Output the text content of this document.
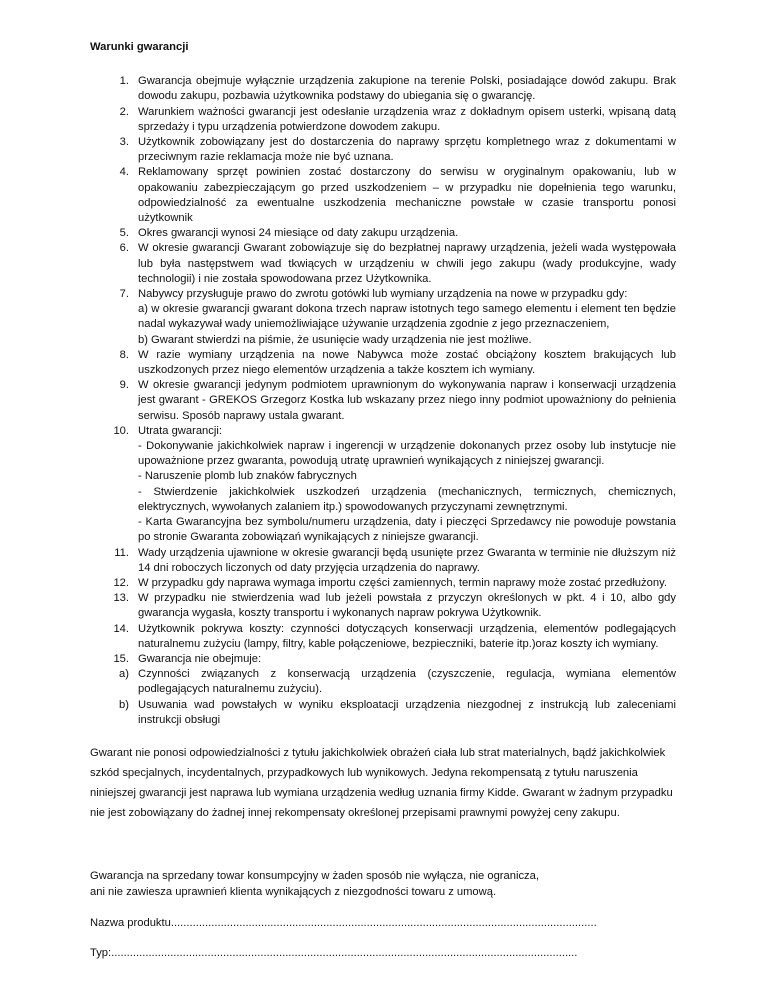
Warunki gwarancji
1. Gwarancja obejmuje wyłącznie urządzenia zakupione na terenie Polski, posiadające dowód zakupu. Brak dowodu zakupu, pozbawia użytkownika podstawy do ubiegania się o gwarancję.

2. Warunkiem ważności gwarancji jest odesłanie urządzenia wraz z dokładnym opisem usterki, wpisaną datą sprzedaży i typu urządzenia potwierdzone dowodem zakupu.

3. Użytkownik zobowiązany jest do dostarczenia do naprawy sprzętu kompletnego wraz z dokumentami w przeciwnym razie reklamacja może nie być uznana.

4. Reklamowany sprzęt powinien zostać dostarczony do serwisu w oryginalnym opakowaniu, lub w opakowaniu zabezpieczającym go przed uszkodzeniem – w przypadku nie dopełnienia tego warunku, odpowiedzialność za ewentualne uszkodzenia mechaniczne powstałe w czasie transportu ponosi użytkownik

5. Okres gwarancji wynosi 24 miesiące od daty zakupu urządzenia.

6. W okresie gwarancji Gwarant zobowiązuje się do bezpłatnej naprawy urządzenia, jeżeli wada występowała lub była następstwem wad tkwiących w urządzeniu w chwili jego zakupu (wady produkcyjne, wady technologii) i nie została spowodowana przez Użytkownika.

7. Nabywcy przysługuje prawo do zwrotu gotówki lub wymiany urządzenia na nowe w przypadku gdy:

a) w okresie gwarancji gwarant dokona trzech napraw istotnych tego samego elementu i element ten będzie nadal wykazywał wady uniemożliwiające używanie urządzenia zgodnie z jego przeznaczeniem,

b) Gwarant stwierdzi na piśmie, że usunięcie wady urządzenia nie jest możliwe.

8. W razie wymiany urządzenia na nowe Nabywca może zostać obciążony kosztem brakujących lub uszkodzonych przez niego elementów urządzenia a także kosztem ich wymiany.

9. W okresie gwarancji jedynym podmiotem uprawnionym do wykonywania napraw i konserwacji urządzenia jest gwarant - GREKOS Grzegorz Kostka lub wskazany przez niego inny podmiot upoważniony do pełnienia serwisu. Sposób naprawy ustala gwarant.

10. Utrata gwarancji:

- Dokonywanie jakichkolwiek napraw i ingerencji w urządzenie dokonanych przez osoby lub instytucje nie upoważnione przez gwaranta, powodują utratę uprawnień wynikających z niniejszej gwarancji.

- Naruszenie plomb lub znaków fabrycznych

- Stwierdzenie jakichkolwiek uszkodzeń urządzenia (mechanicznych, termicznych, chemicznych, elektrycznych, wywołanych zalaniem itp.) spowodowanych przyczynami zewnętrznymi.

- Karta Gwarancyjna bez symbolu/numeru urządzenia, daty i pieczęci Sprzedawcy nie powoduje powstania po stronie Gwaranta zobowiązań wynikających z niniejsze gwarancji.

11. Wady urządzenia ujawnione w okresie gwarancji będą usunięte przez Gwaranta w terminie nie dłuższym niż 14 dni roboczych liczonych od daty przyjęcia urządzenia do naprawy.

12. W przypadku gdy naprawa wymaga importu części zamiennych, termin naprawy może zostać przedłużony.

13. W przypadku nie stwierdzenia wad lub jeżeli powstała z przyczyn określonych w pkt. 4 i 10, albo gdy gwarancja wygasła, koszty transportu i wykonanych napraw pokrywa Użytkownik.

14. Użytkownik pokrywa koszty: czynności dotyczących konserwacji urządzenia, elementów podlegających naturalnemu zużyciu (lampy, filtry, kable połączeniowe, bezpieczniki, baterie itp.)oraz koszty ich wymiany.

15. Gwarancja nie obejmuje:

a) Czynności związanych z konserwacją urządzenia (czyszczenie, regulacja, wymiana elementów podlegających naturalnemu zużyciu).

b) Usuwania wad powstałych w wyniku eksploatacji urządzenia niezgodnej z instrukcją lub zaleceniami instrukcji obsługi

Gwarant nie ponosi odpowiedzialności z tytułu jakichkolwiek obrażeń ciała lub strat materialnych, bądź jakichkolwiek szkód specjalnych, incydentalnych, przypadkowych lub wynikowych. Jedyna rekompensatą z tytułu naruszenia niniejszej gwarancji jest naprawa lub wymiana urządzenia według uznania firmy Kidde. Gwarant w żadnym przypadku nie jest zobowiązany do żadnej innej rekompensaty określonej przepisami prawnymi powyżej ceny zakupu.
Gwarancja na sprzedany towar konsumpcyjny w żaden sposób nie wyłącza, nie ogranicza,
ani nie zawiesza uprawnień klienta wynikających z niezgodności towaru z umową.
Nazwa produktu.........................................................................................................................................
Typ:......................................................................................................................................................
